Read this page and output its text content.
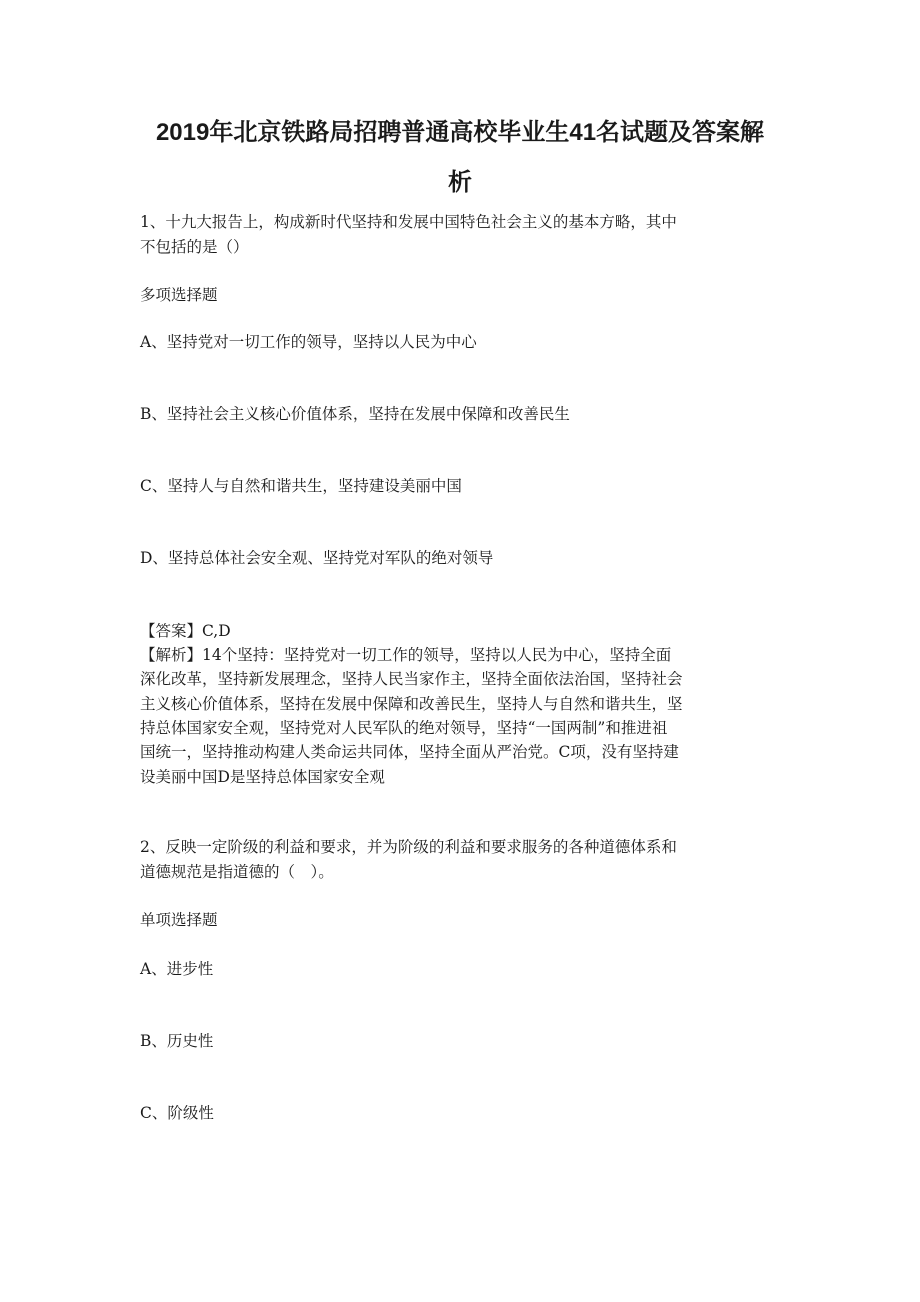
2019年北京铁路局招聘普通高校毕业生41名试题及答案解
析
1、十九大报告上，构成新时代坚持和发展中国特色社会主义的基本方略，其中
不包括的是（）
多项选择题
A、坚持党对一切工作的领导，坚持以人民为中心
B、坚持社会主义核心价值体系，坚持在发展中保障和改善民生
C、坚持人与自然和谐共生，坚持建设美丽中国
D、坚持总体社会安全观、坚持党对军队的绝对领导
【答案】C,D
【解析】14个坚持：坚持党对一切工作的领导，坚持以人民为中心，坚持全面
深化改革，坚持新发展理念，坚持人民当家作主，坚持全面依法治国，坚持社会
主义核心价值体系，坚持在发展中保障和改善民生，坚持人与自然和谐共生，坚
持总体国家安全观，坚持党对人民军队的绝对领导，坚持“一国两制”和推进祖
国统一，坚持推动构建人类命运共同体，坚持全面从严治党。C项，没有坚持建
设美丽中国D是坚持总体国家安全观
2、反映一定阶级的利益和要求，并为阶级的利益和要求服务的各种道德体系和
道德规范是指道德的（　）。
单项选择题
A、进步性
B、历史性
C、阶级性
